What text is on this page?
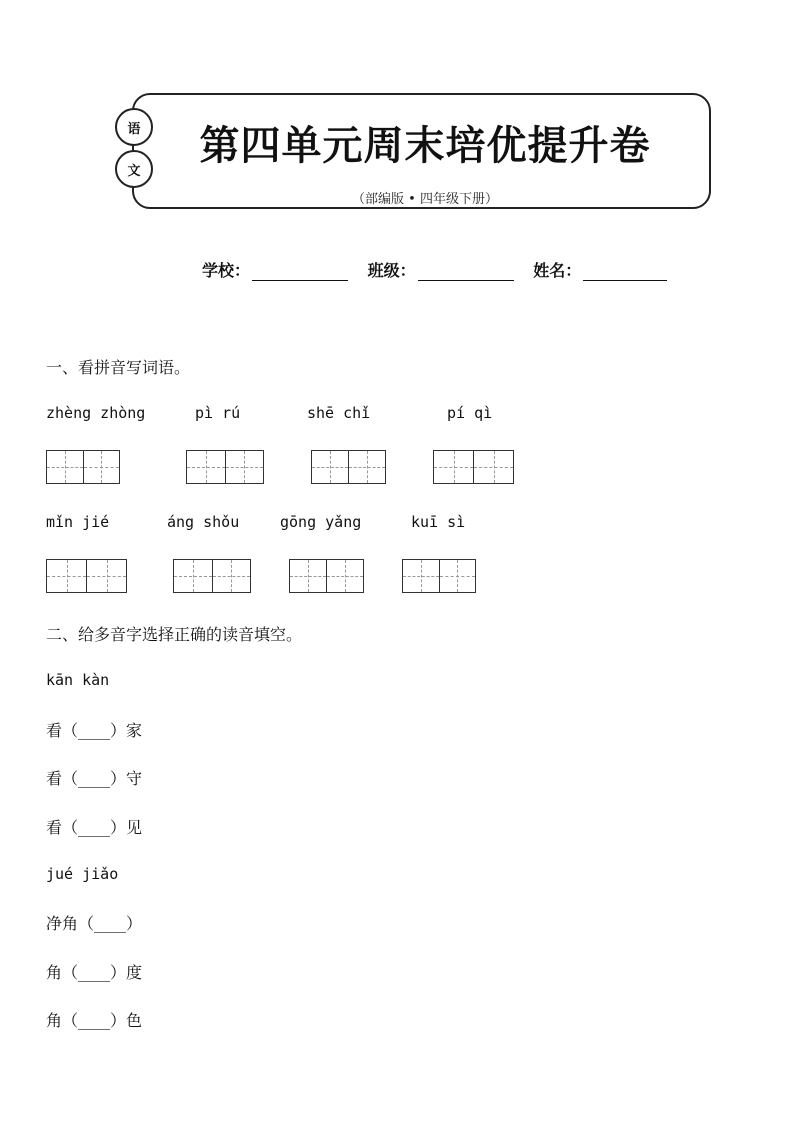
语
文
第四单元周末培优提升卷
（部编版 • 四年级下册）
学校：	班级：	姓名：
一、看拼音写词语。
zhèng zhòng	pì rú	shē chǐ	pí qì
mǐn jié	áng shǒu	gōng yǎng	kuī sì
二、给多音字选择正确的读音填空。
kān kàn
看（____）家
看（____）守
看（____）见
jué jiǎo
净角（____）
角（____）度
角（____）色
